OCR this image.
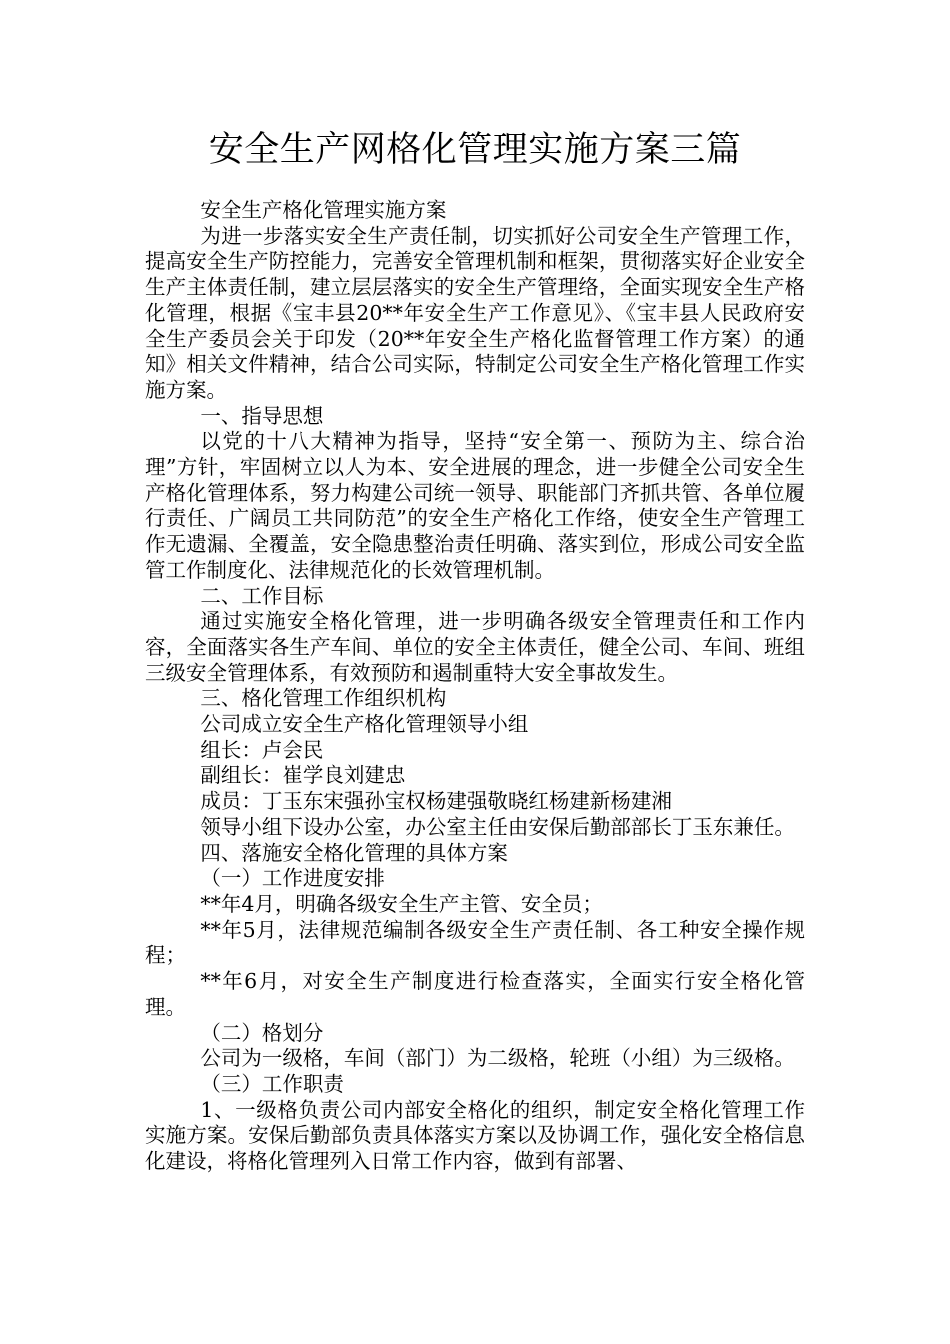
安全生产网格化管理实施方案三篇

安全生产格化管理实施方案

为进一步落实安全生产责任制，切实抓好公司安全生产管理工作，提高安全生产防控能力，完善安全管理机制和框架，贯彻落实好企业安全生产主体责任制，建立层层落实的安全生产管理络，全面实现安全生产格化管理，根据《宝丰县20**年安全生产工作意见》、《宝丰县人民政府安全生产委员会关于印发（20**年安全生产格化监督管理工作方案）的通知》相关文件精神，结合公司实际，特制定公司安全生产格化管理工作实施方案。

一、指导思想

以党的十八大精神为指导，坚持“安全第一、预防为主、综合治理”方针，牢固树立以人为本、安全进展的理念，进一步健全公司安全生产格化管理体系，努力构建公司统一领导、职能部门齐抓共管、各单位履行责任、广阔员工共同防范”的安全生产格化工作络，使安全生产管理工作无遗漏、全覆盖，安全隐患整治责任明确、落实到位，形成公司安全监管工作制度化、法律规范化的长效管理机制。

二、工作目标

通过实施安全格化管理，进一步明确各级安全管理责任和工作内容，全面落实各生产车间、单位的安全主体责任，健全公司、车间、班组三级安全管理体系，有效预防和遏制重特大安全事故发生。

三、格化管理工作组织机构

公司成立安全生产格化管理领导小组

组长：卢会民

副组长：崔学良刘建忠

成员：丁玉东宋强孙宝权杨建强敬晓红杨建新杨建湘

领导小组下设办公室，办公室主任由安保后勤部部长丁玉东兼任。

四、落施安全格化管理的具体方案

（一）工作进度安排

**年4月，明确各级安全生产主管、安全员；

**年5月，法律规范编制各级安全生产责任制、各工种安全操作规程；

**年6月，对安全生产制度进行检查落实，全面实行安全格化管理。

（二）格划分

公司为一级格，车间（部门）为二级格，轮班（小组）为三级格。

（三）工作职责

1、一级格负责公司内部安全格化的组织，制定安全格化管理工作实施方案。安保后勤部负责具体落实方案以及协调工作，强化安全格信息化建设，将格化管理列入日常工作内容，做到有部署、
